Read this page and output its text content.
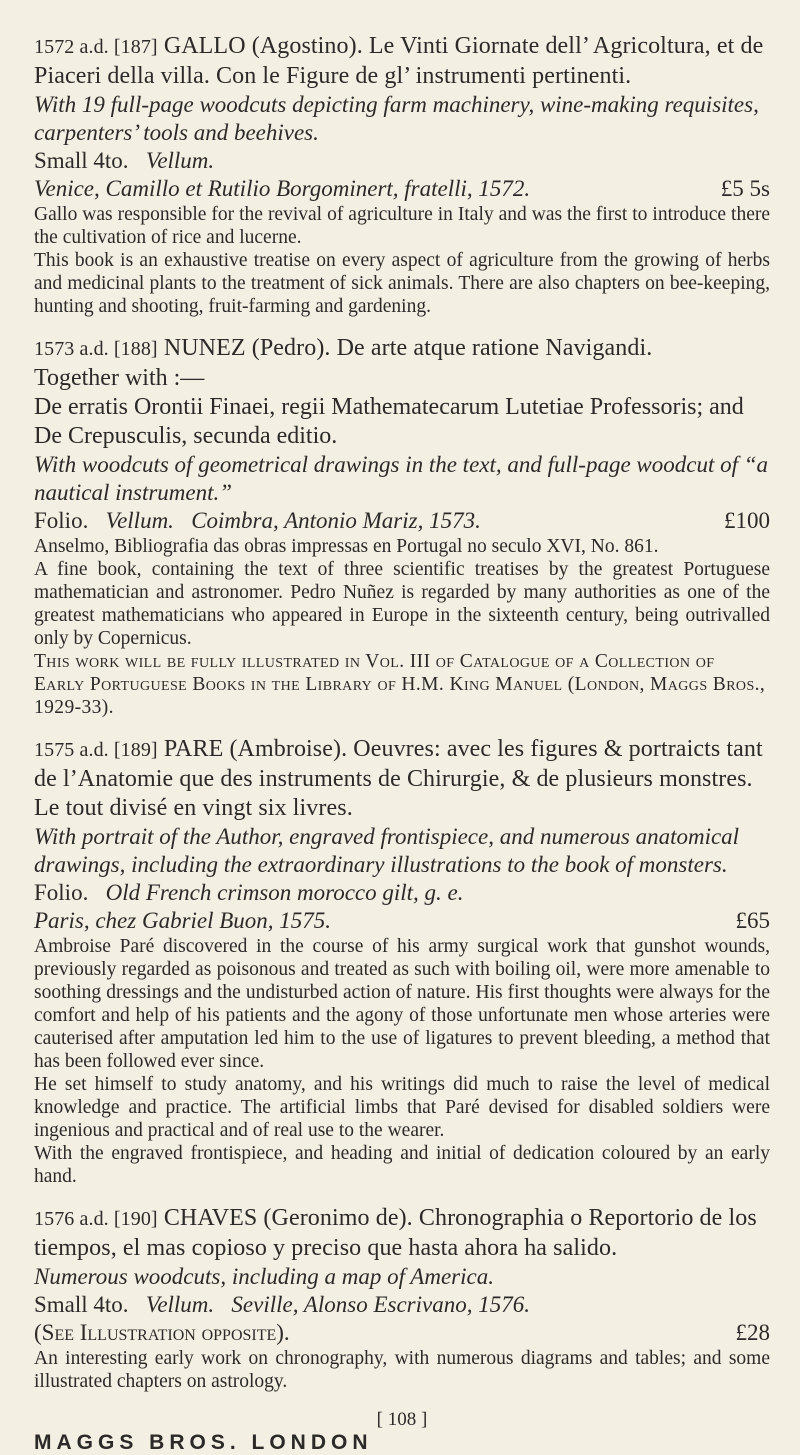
1572 a.d. [187] GALLO (Agostino). Le Vinti Giornate dell’ Agricoltura, et de Piaceri della villa. Con le Figure de gl’ instrumenti pertinenti.

With 19 full-page woodcuts depicting farm machinery, wine-making requisites, carpenters’ tools and beehives.

Small 4to. Vellum.

Venice, Camillo et Rutilio Borgominert, fratelli, 1572.	£5 5s

Gallo was responsible for the revival of agriculture in Italy and was the first to introduce there the cultivation of rice and lucerne.

This book is an exhaustive treatise on every aspect of agriculture from the growing of herbs and medicinal plants to the treatment of sick animals. There are also chapters on bee-keeping, hunting and shooting, fruit-farming and gardening.

1573 a.d. [188] NUNEZ (Pedro). De arte atque ratione Navigandi.

Together with :—

De erratis Orontii Finaei, regii Mathematecarum Lutetiae Professoris; and De Crepusculis, secunda editio.

With woodcuts of geometrical drawings in the text, and full-page woodcut of “a nautical instrument.”

Folio. Vellum. Coimbra, Antonio Mariz, 1573.	£100

Anselmo, Bibliografia das obras impressas en Portugal no seculo XVI, No. 861.

A fine book, containing the text of three scientific treatises by the greatest Portuguese mathematician and astronomer. Pedro Nuñez is regarded by many authorities as one of the greatest mathematicians who appeared in Europe in the sixteenth century, being outrivalled only by Copernicus.

This work will be fully illustrated in Vol. III of Catalogue of a Collection of Early Portuguese Books in the Library of H.M. King Manuel (London, Maggs Bros., 1929-33).

1575 a.d. [189] PARE (Ambroise). Oeuvres: avec les figures & portraicts tant de l’Anatomie que des instruments de Chirurgie, & de plusieurs monstres. Le tout divisé en vingt six livres.

With portrait of the Author, engraved frontispiece, and numerous anatomical drawings, including the extraordinary illustrations to the book of monsters.

Folio. Old French crimson morocco gilt, g. e.

Paris, chez Gabriel Buon, 1575.	£65

Ambroise Paré discovered in the course of his army surgical work that gunshot wounds, previously regarded as poisonous and treated as such with boiling oil, were more amenable to soothing dressings and the undisturbed action of nature. His first thoughts were always for the comfort and help of his patients and the agony of those unfortunate men whose arteries were cauterised after amputation led him to the use of ligatures to prevent bleeding, a method that has been followed ever since.

He set himself to study anatomy, and his writings did much to raise the level of medical knowledge and practice. The artificial limbs that Paré devised for disabled soldiers were ingenious and practical and of real use to the wearer.

With the engraved frontispiece, and heading and initial of dedication coloured by an early hand.

1576 a.d. [190] CHAVES (Geronimo de). Chronographia o Reportorio de los tiempos, el mas copioso y preciso que hasta ahora ha salido.

Numerous woodcuts, including a map of America.

Small 4to. Vellum. Seville, Alonso Escrivano, 1576.

(See Illustration opposite).	£28

An interesting early work on chronography, with numerous diagrams and tables; and some illustrated chapters on astrology.

[ 108 ]

MAGGS BROS. LONDON
